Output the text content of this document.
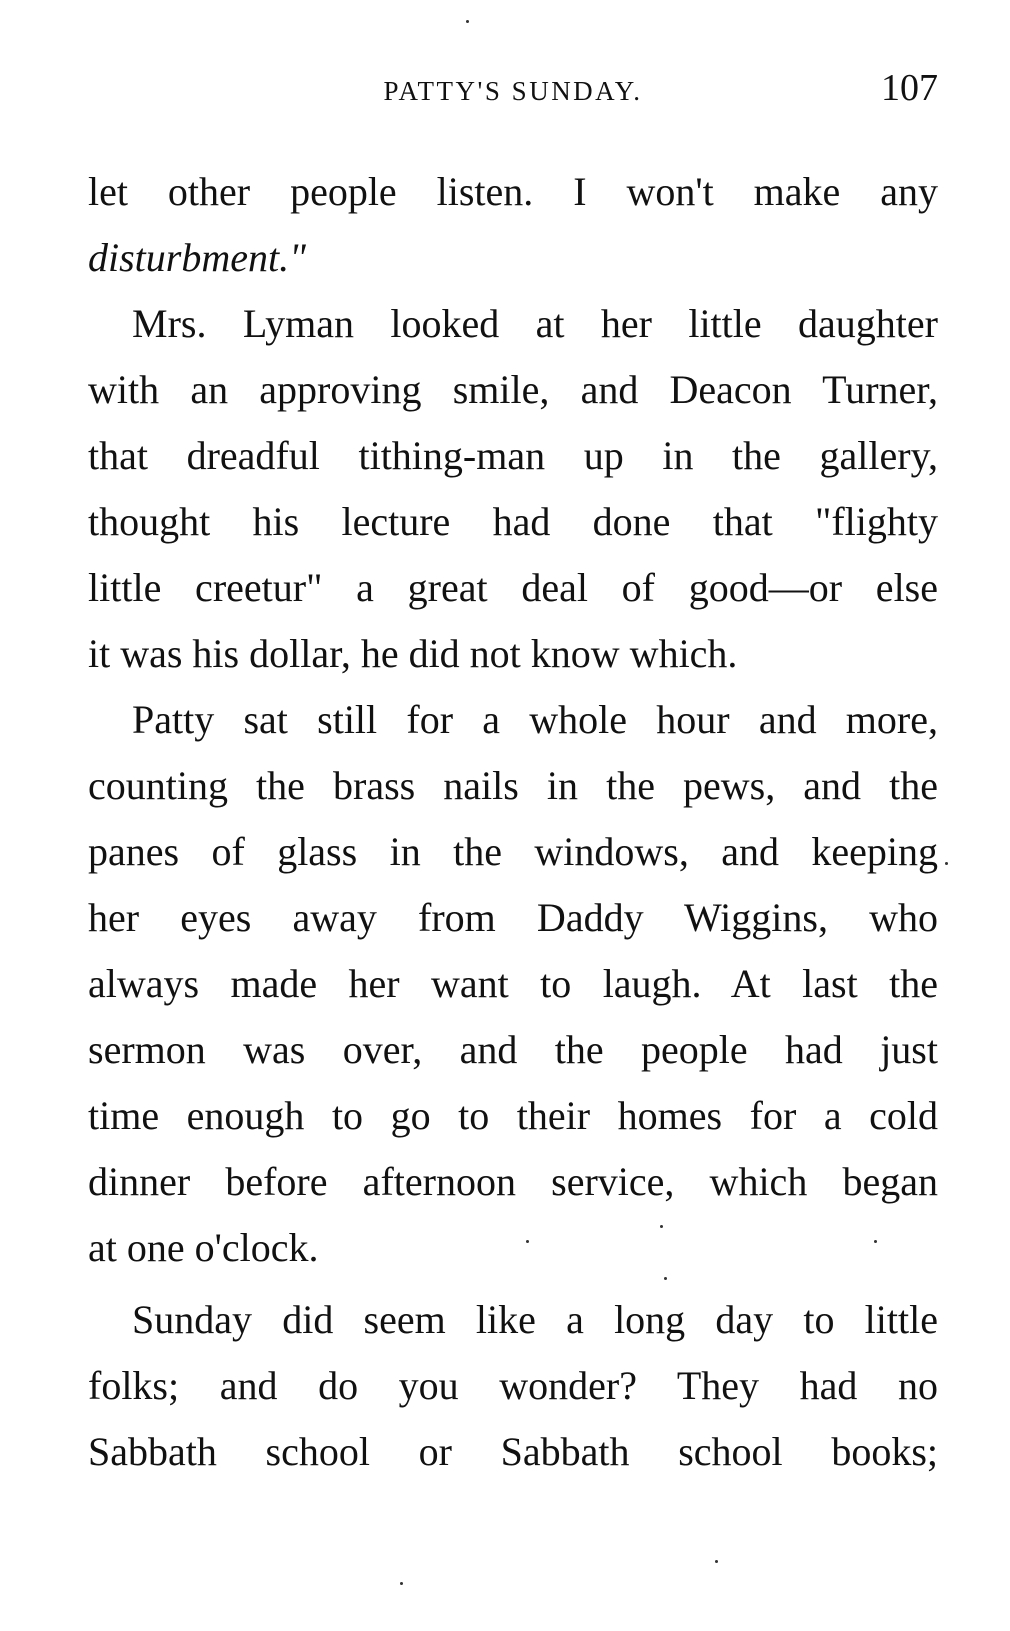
PATTY'S SUNDAY.	107
let other people listen. I won't make any
disturbment."
Mrs. Lyman looked at her little daughter
with an approving smile, and Deacon Turner,
that dreadful tithing-man up in the gallery,
thought his lecture had done that "flighty
little creetur" a great deal of good—or else
it was his dollar, he did not know which.
Patty sat still for a whole hour and more,
counting the brass nails in the pews, and the
panes of glass in the windows, and keeping
her eyes away from Daddy Wiggins, who
always made her want to laugh. At last the
sermon was over, and the people had just
time enough to go to their homes for a cold
dinner before afternoon service, which began
at one o'clock.
Sunday did seem like a long day to little
folks; and do you wonder? They had no
Sabbath school or Sabbath school books;
